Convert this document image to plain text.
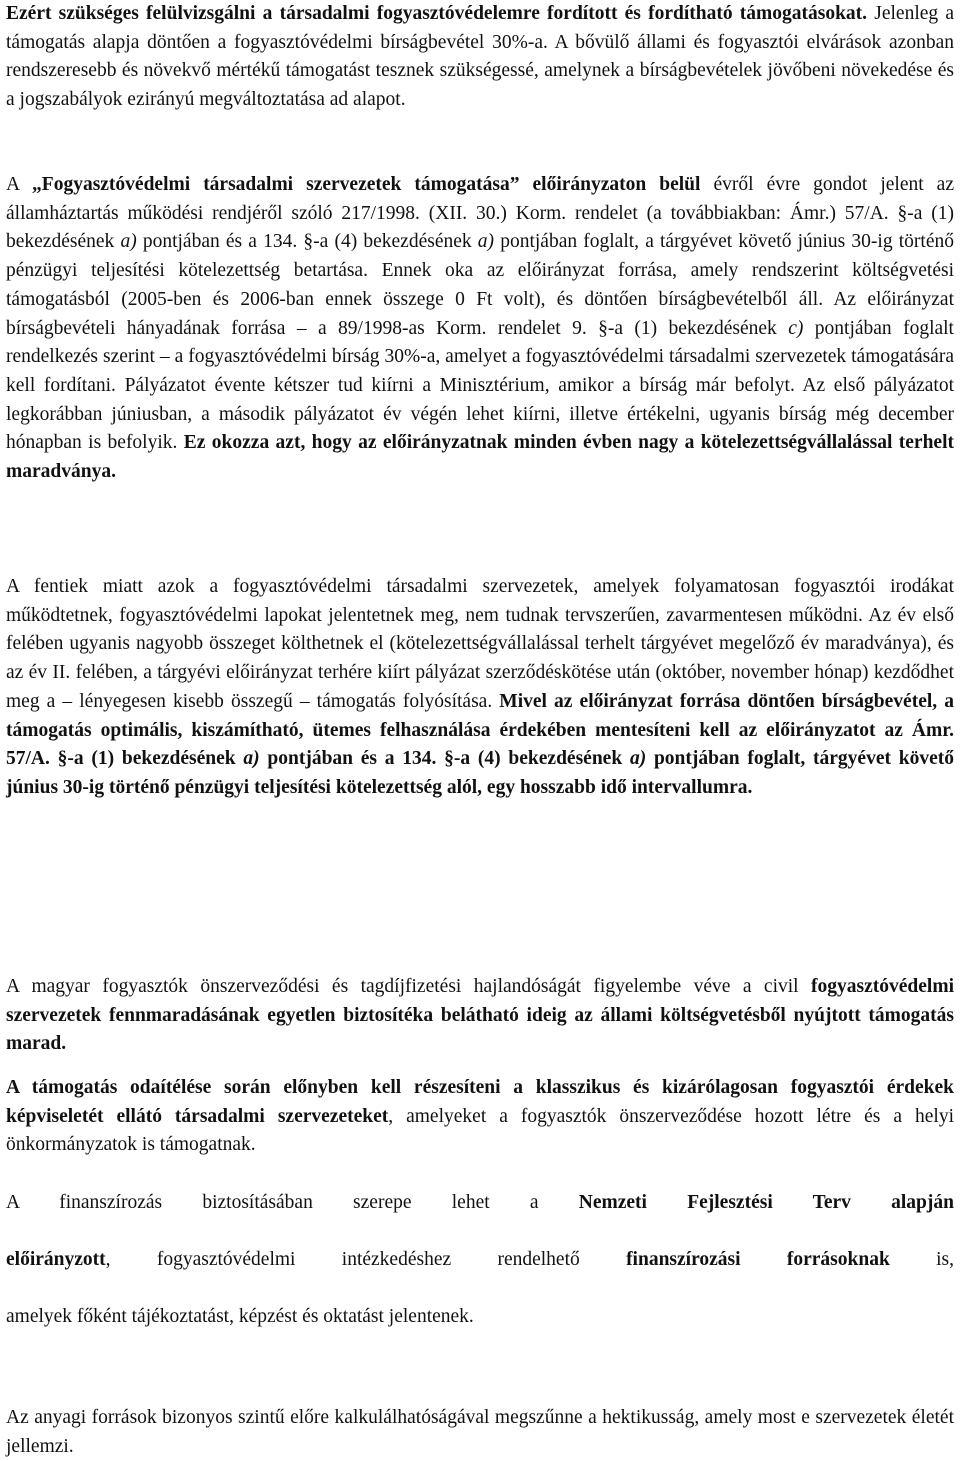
Ezért szükséges felülvizsgálni a társadalmi fogyasztóvédelemre fordított és fordítható támogatásokat. Jelenleg a támogatás alapja döntően a fogyasztóvédelmi bírságbevétel 30%-a. A bővülő állami és fogyasztói elvárások azonban rendszeresebb és növekvő mértékű támogatást tesznek szükségessé, amelynek a bírságbevételek jövőbeni növekedése és a jogszabályok ezirányú megváltoztatása ad alapot.

A „Fogyasztóvédelmi társadalmi szervezetek támogatása” előirányzaton belül évről évre gondot jelent az államháztartás működési rendjéről szóló 217/1998. (XII. 30.) Korm. rendelet (a továbbiakban: Ámr.) 57/A. §-a (1) bekezdésének a) pontjában és a 134. §-a (4) bekezdésének a) pontjában foglalt, a tárgyévet követő június 30-ig történő pénzügyi teljesítési kötelezettség betartása. Ennek oka az előirányzat forrása, amely rendszerint költségvetési támogatásból (2005-ben és 2006-ban ennek összege 0 Ft volt), és döntően bírságbevételből áll. Az előirányzat bírságbevételi hányadának forrása – a 89/1998-as Korm. rendelet 9. §-a (1) bekezdésének c) pontjában foglalt rendelkezés szerint – a fogyasztóvédelmi bírság 30%-a, amelyet a fogyasztóvédelmi társadalmi szervezetek támogatására kell fordítani. Pályázatot évente kétszer tud kiírni a Minisztérium, amikor a bírság már befolyt. Az első pályázatot legkorábban júniusban, a második pályázatot év végén lehet kiírni, illetve értékelni, ugyanis bírság még december hónapban is befolyik. Ez okozza azt, hogy az előirányzatnak minden évben nagy a kötelezettségvállalással terhelt maradványa.

A fentiek miatt azok a fogyasztóvédelmi társadalmi szervezetek, amelyek folyamatosan fogyasztói irodákat működtetnek, fogyasztóvédelmi lapokat jelentetnek meg, nem tudnak tervszerűen, zavarmentesen működni. Az év első felében ugyanis nagyobb összeget költhetnek el (kötelezettségvállalással terhelt tárgyévet megelőző év maradványa), és az év II. felében, a tárgyévi előirányzat terhére kiírt pályázat szerződéskötése után (október, november hónap) kezdődhet meg a – lényegesen kisebb összegű – támogatás folyósítása. Mivel az előirányzat forrása döntően bírságbevétel, a támogatás optimális, kiszámítható, ütemes felhasználása érdekében mentesíteni kell az előirányzatot az Ámr. 57/A. §-a (1) bekezdésének a) pontjában és a 134. §-a (4) bekezdésének a) pontjában foglalt, tárgyévet követő június 30-ig történő pénzügyi teljesítési kötelezettség alól, egy hosszabb idő intervallumra.

A magyar fogyasztók önszerveződési és tagdíjfizetési hajlandóságát figyelembe véve a civil fogyasztóvédelmi szervezetek fennmaradásának egyetlen biztosítéka belátható ideig az állami költségvetésből nyújtott támogatás marad.

A támogatás odaítélése során előnyben kell részesíteni a klasszikus és kizárólagosan fogyasztói érdekek képviseletét ellátó társadalmi szervezeteket, amelyeket a fogyasztók önszerveződése hozott létre és a helyi önkormányzatok is támogatnak.

A finanszírozás biztosításában szerepe lehet a Nemzeti Fejlesztési Terv alapján

előirányzott, fogyasztóvédelmi intézkedéshez rendelhető finanszírozási forrásoknak is,

amelyek főként tájékoztatást, képzést és oktatást jelentenek.

Az anyagi források bizonyos szintű előre kalkulálhatóságával megszűnne a hektikusság, amely most e szervezetek életét jellemzi.
